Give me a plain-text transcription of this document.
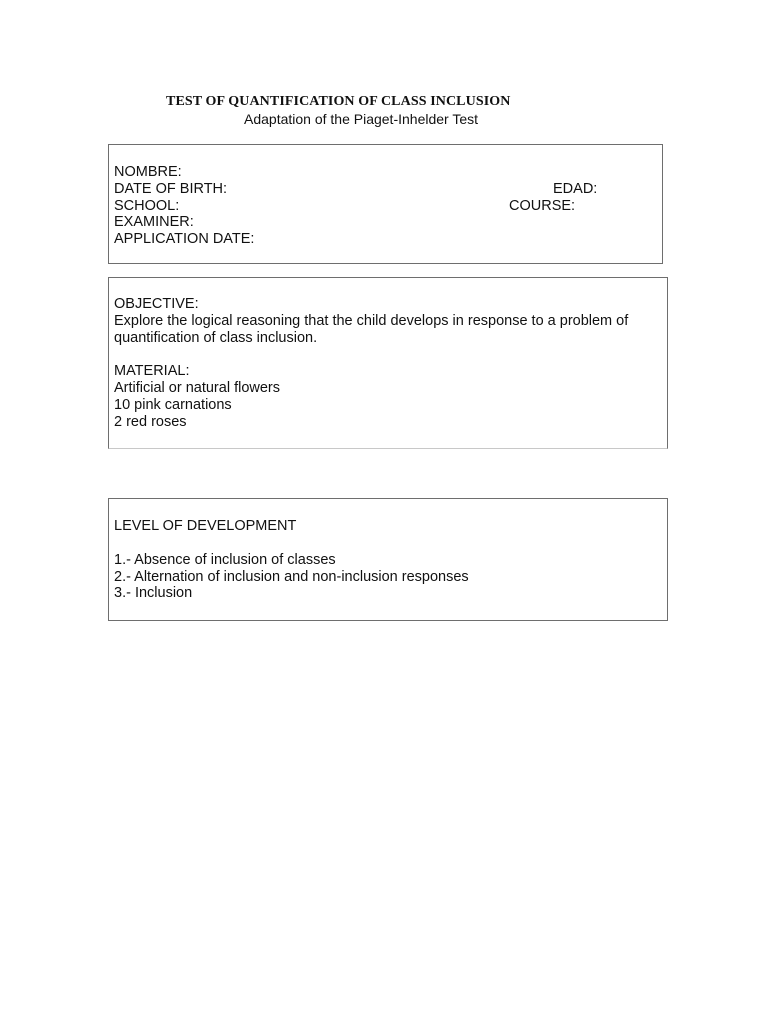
TEST OF QUANTIFICATION OF CLASS INCLUSION
Adaptation of the Piaget-Inhelder Test
NOMBRE:
DATE OF BIRTH:	EDAD:
SCHOOL:	COURSE:
EXAMINER:
APPLICATION DATE:
OBJECTIVE:
Explore the logical reasoning that the child develops in response to a problem of quantification of class inclusion.
MATERIAL:
Artificial or natural flowers
10 pink carnations
2 red roses
LEVEL OF DEVELOPMENT
1.- Absence of inclusion of classes
2.- Alternation of inclusion and non-inclusion responses
3.- Inclusion
